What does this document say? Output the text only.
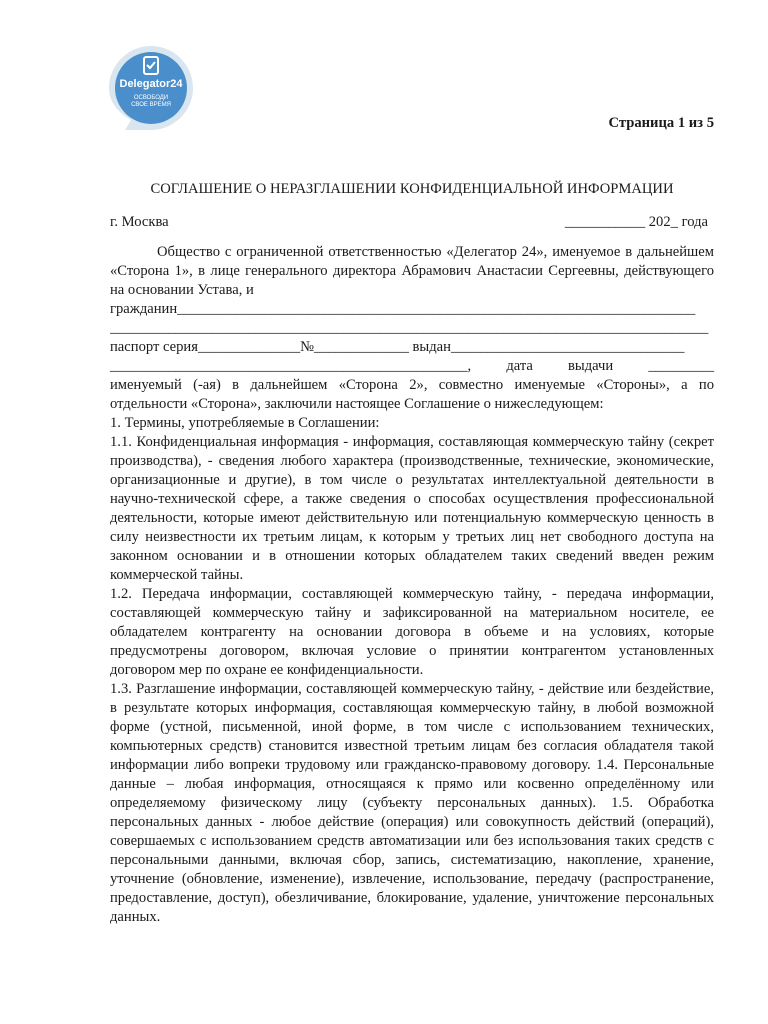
Delegator24
ОСВОБОДИ
СВОЕ ВРЕМЯ
Страница 1 из 5
СОГЛАШЕНИЕ О НЕРАЗГЛАШЕНИИ КОНФИДЕНЦИАЛЬНОЙ ИНФОРМАЦИИ
г. Москва	___________ 202_ года

Общество с ограниченной ответственностью «Делегатор 24», именуемое в дальнейшем «Сторона 1», в лице генерального директора Абрамович Анастасии Сергеевны, действующего на основании Устава, и

гражданин_______________________________________________________________________
__________________________________________________________________________________
паспорт серия______________№_____________ выдан________________________________
_________________________________________________, дата выдачи _________

именуемый (-ая) в дальнейшем «Сторона 2», совместно именуемые «Стороны», а по отдельности «Сторона», заключили настоящее Соглашение о нижеследующем:

1. Термины, употребляемые в Соглашении:

1.1. Конфиденциальная информация - информация, составляющая коммерческую тайну (секрет производства), - сведения любого характера (производственные, технические, экономические, организационные и другие), в том числе о результатах интеллектуальной деятельности в научно-технической сфере, а также сведения о способах осуществления профессиональной деятельности, которые имеют действительную или потенциальную коммерческую ценность в силу неизвестности их третьим лицам, к которым у третьих лиц нет свободного доступа на законном основании и в отношении которых обладателем таких сведений введен режим коммерческой тайны.

1.2. Передача информации, составляющей коммерческую тайну, - передача информации, составляющей коммерческую тайну и зафиксированной на материальном носителе, ее обладателем контрагенту на основании договора в объеме и на условиях, которые предусмотрены договором, включая условие о принятии контрагентом установленных договором мер по охране ее конфиденциальности.

1.3. Разглашение информации, составляющей коммерческую тайну, - действие или бездействие, в результате которых информация, составляющая коммерческую тайну, в любой возможной форме (устной, письменной, иной форме, в том числе с использованием технических, компьютерных средств) становится известной третьим лицам без согласия обладателя такой информации либо вопреки трудовому или гражданско-правовому договору. 1.4. Персональные данные – любая информация, относящаяся к прямо или косвенно определённому или определяемому физическому лицу (субъекту персональных данных). 1.5. Обработка персональных данных - любое действие (операция) или совокупность действий (операций), совершаемых с использованием средств автоматизации или без использования таких средств с персональными данными, включая сбор, запись, систематизацию, накопление, хранение, уточнение (обновление, изменение), извлечение, использование, передачу (распространение, предоставление, доступ), обезличивание, блокирование, удаление, уничтожение персональных данных.
